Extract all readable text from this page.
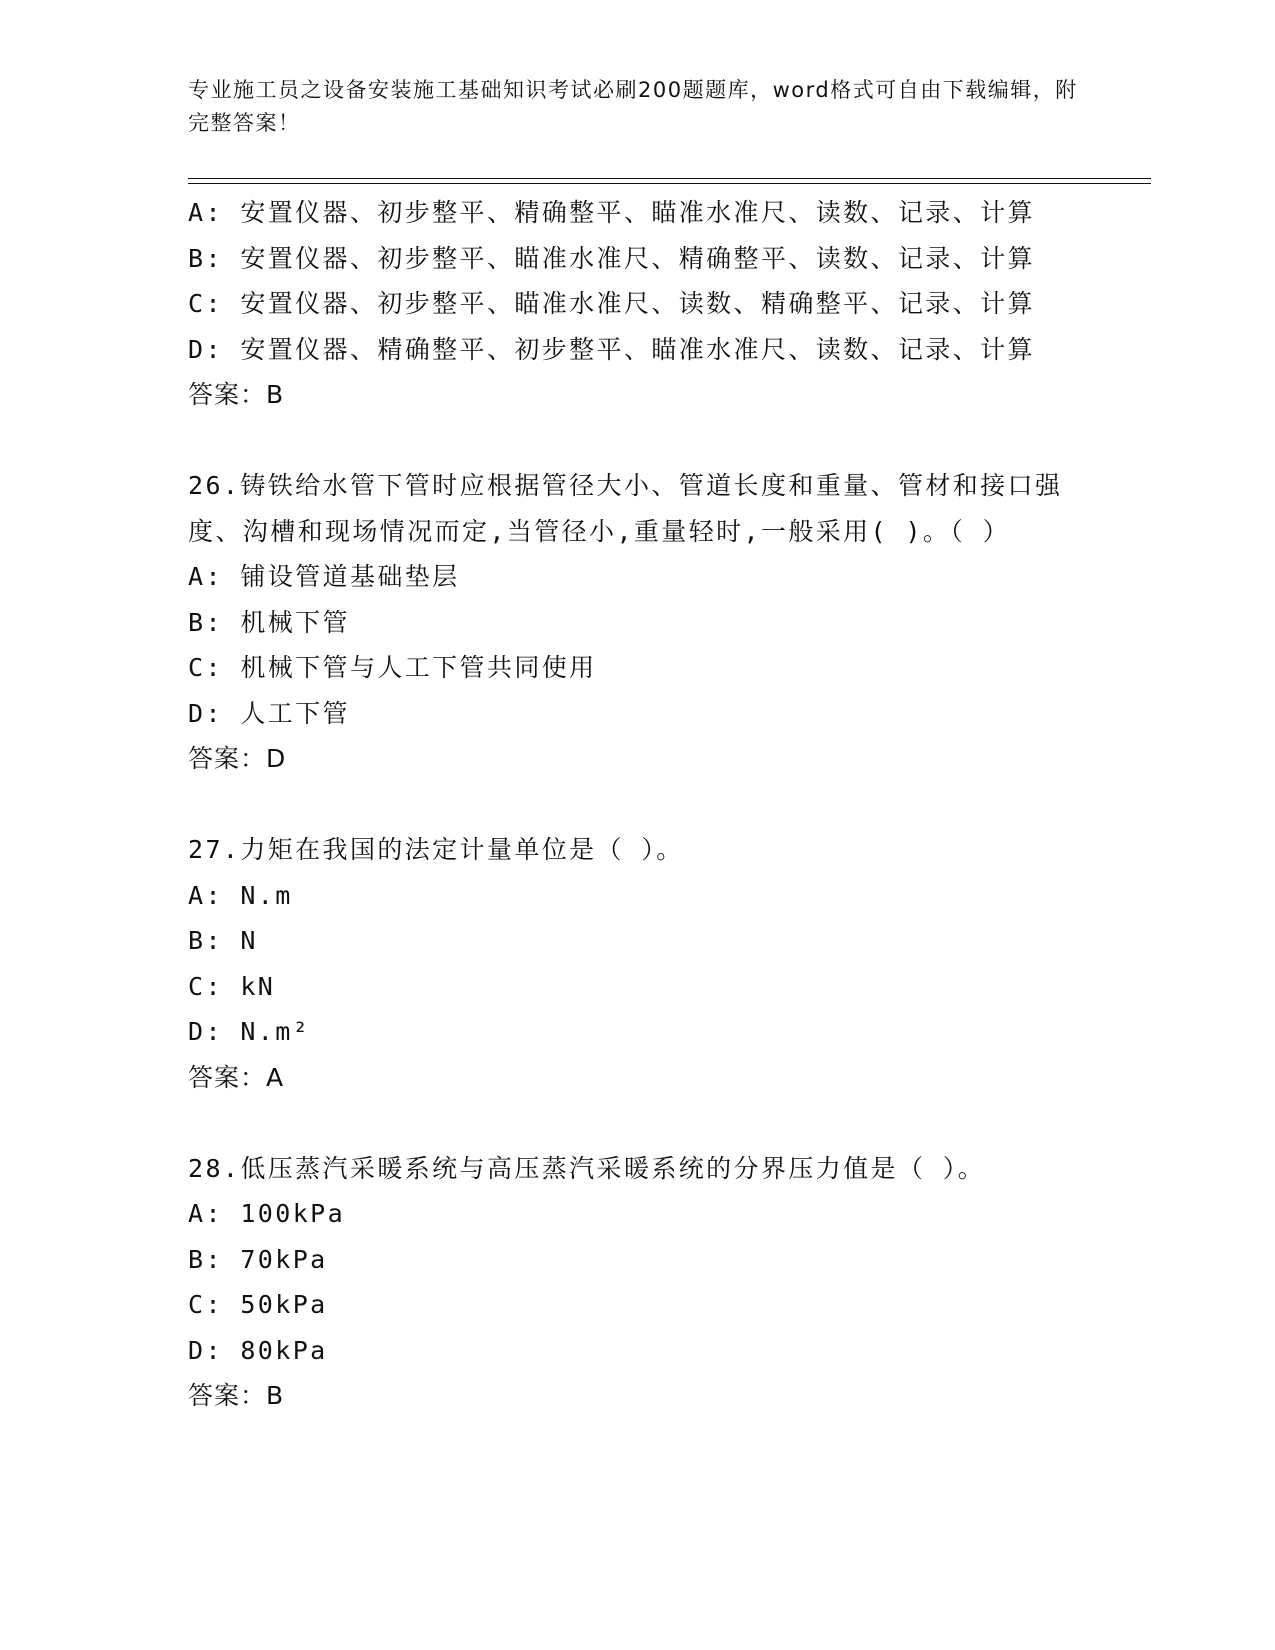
专业施工员之设备安装施工基础知识考试必刷200题题库，word格式可自由下载编辑，附完整答案！
A: 安置仪器、初步整平、精确整平、瞄准水准尺、读数、记录、计算
B: 安置仪器、初步整平、瞄准水准尺、精确整平、读数、记录、计算
C: 安置仪器、初步整平、瞄准水准尺、读数、精确整平、记录、计算
D: 安置仪器、精确整平、初步整平、瞄准水准尺、读数、记录、计算
答案：B
26.铸铁给水管下管时应根据管径大小、管道长度和重量、管材和接口强度、沟槽和现场情况而定,当管径小,重量轻时,一般采用( )。（ ）
A: 铺设管道基础垫层
B: 机械下管
C: 机械下管与人工下管共同使用
D: 人工下管
答案：D
27.力矩在我国的法定计量单位是（ ）。
A: N.m
B: N
C: kN
D: N.m²
答案：A
28.低压蒸汽采暖系统与高压蒸汽采暖系统的分界压力值是（ ）。
A: 100kPa
B: 70kPa
C: 50kPa
D: 80kPa
答案：B
